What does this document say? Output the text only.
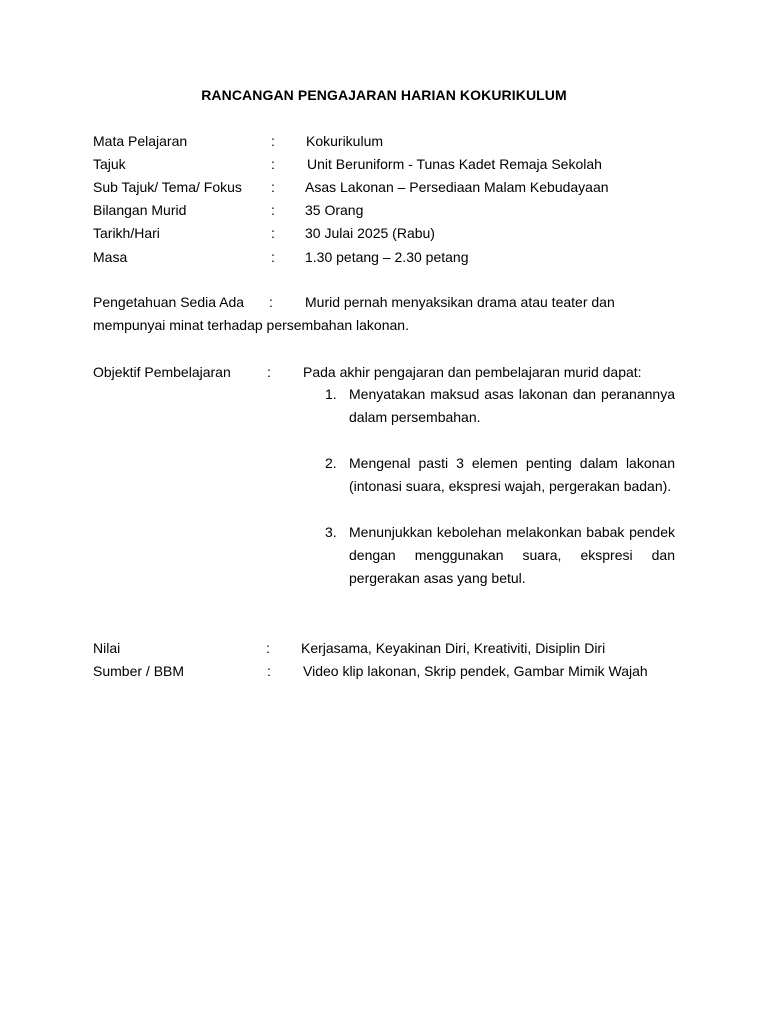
RANCANGAN PENGAJARAN HARIAN KOKURIKULUM
Mata Pelajaran	: Kokurikulum
Tajuk	: Unit Beruniform - Tunas Kadet Remaja Sekolah
Sub Tajuk/ Tema/ Fokus : Asas Lakonan – Persediaan Malam Kebudayaan
Bilangan Murid	: 35 Orang
Tarikh/Hari	: 30 Julai 2025 (Rabu)
Masa	: 1.30 petang – 2.30 petang
Pengetahuan Sedia Ada : Murid pernah menyaksikan drama atau teater dan
mempunyai minat terhadap persembahan lakonan.
Objektif Pembelajaran	: Pada akhir pengajaran dan pembelajaran murid dapat:
1. Menyatakan maksud asas lakonan dan peranannya dalam persembahan.
2. Mengenal pasti 3 elemen penting dalam lakonan (intonasi suara, ekspresi wajah, pergerakan badan).
3. Menunjukkan kebolehan melakonkan babak pendek dengan menggunakan suara, ekspresi dan pergerakan asas yang betul.
Nilai	: Kerjasama, Keyakinan Diri, Kreativiti, Disiplin Diri
Sumber / BBM	: Video klip lakonan, Skrip pendek, Gambar Mimik Wajah
